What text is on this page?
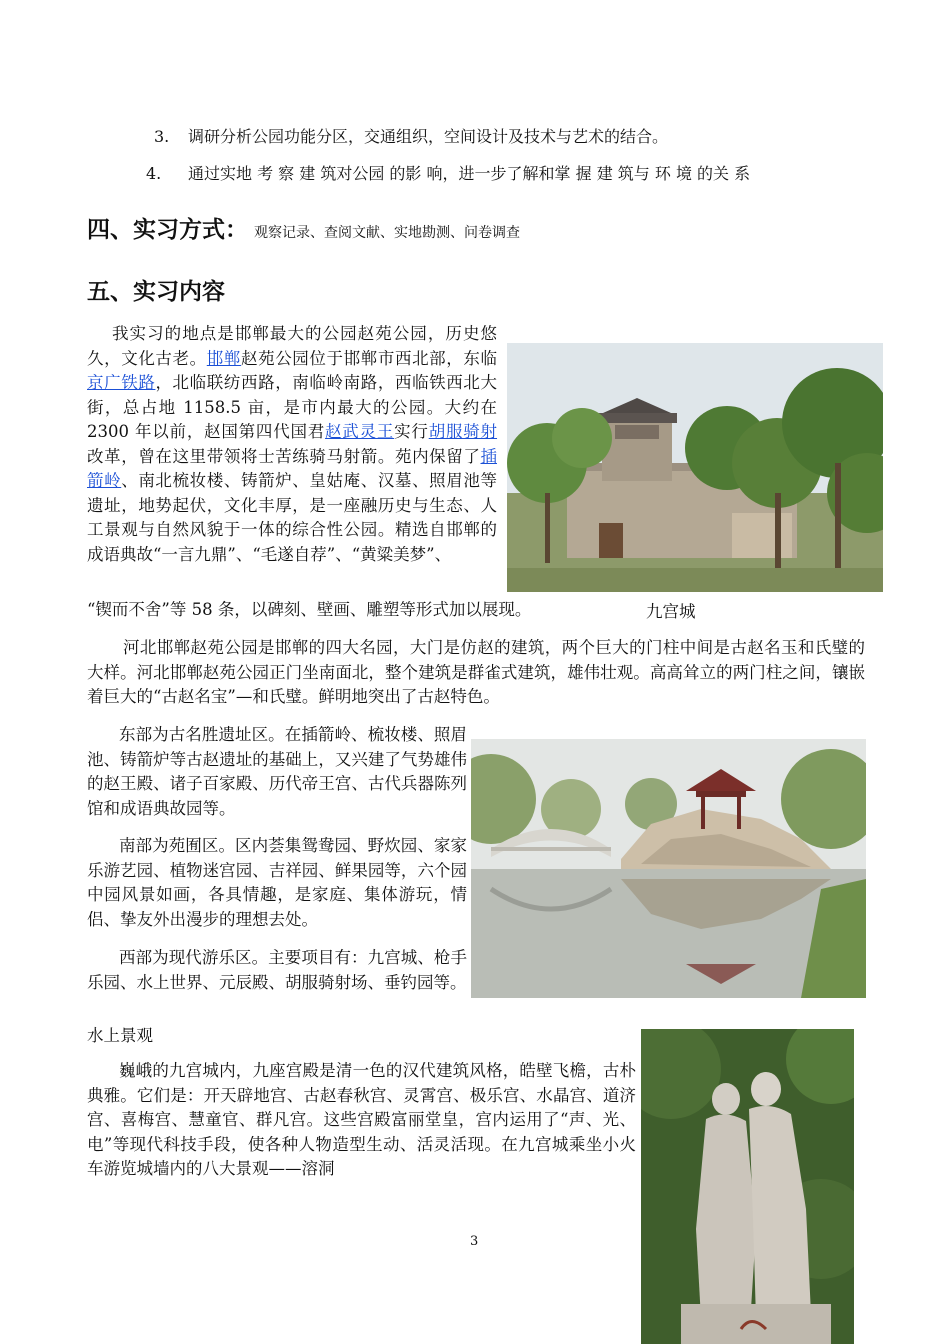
3. 调研分析公园功能分区，交通组织，空间设计及技术与艺术的结合。
4. 通过实地 考 察 建 筑对公园 的影 响，进一步了解和掌 握 建 筑与 环 境 的关 系
四、实习方式： 观察记录、查阅文献、实地勘测、问卷调查
五、实习内容
我实习的地点是邯郸最大的公园赵苑公园，历史悠久，文化古老。邯郸赵苑公园位于邯郸市西北部，东临京广铁路，北临联纺西路，南临岭南路，西临铁西北大街，总占地 1158.5 亩，是市内最大的公园。大约在 2300 年以前，赵国第四代国君赵武灵王实行胡服骑射改革，曾在这里带领将士苦练骑马射箭。苑内保留了插箭岭、南北梳妆楼、铸箭炉、皇姑庵、汉墓、照眉池等遗址，地势起伏，文化丰厚，是一座融历史与生态、人工景观与自然风貌于一体的综合性公园。精选自邯郸的成语典故“一言九鼎”、“毛遂自荐”、“黄粱美梦”、
“锲而不舍”等 58 条，以碑刻、壁画、雕塑等形式加以展现。	九宫城
河北邯郸赵苑公园是邯郸的四大名园，大门是仿赵的建筑，两个巨大的门柱中间是古赵名玉和氏璧的大样。河北邯郸赵苑公园正门坐南面北，整个建筑是群雀式建筑，雄伟壮观。高高耸立的两门柱之间，镶嵌着巨大的“古赵名宝”—和氏璧。鲜明地突出了古赵特色。
东部为古名胜遗址区。在插箭岭、梳妆楼、照眉池、铸箭炉等古赵遗址的基础上，又兴建了气势雄伟的赵王殿、诸子百家殿、历代帝王宫、古代兵器陈列馆和成语典故园等。
南部为苑囿区。区内荟集鸳鸯园、野炊园、家家乐游艺园、植物迷宫园、吉祥园、鲜果园等，六个园中园风景如画，各具情趣，是家庭、集体游玩，情侣、挚友外出漫步的理想去处。
西部为现代游乐区。主要项目有：九宫城、枪手乐园、水上世界、元辰殿、胡服骑射场、垂钓园等。
水上景观
巍峨的九宫城内，九座宫殿是清一色的汉代建筑风格，皓壁飞檐，古朴典雅。它们是：开天辟地宫、古赵春秋宫、灵霄宫、极乐宫、水晶宫、道济宫、喜梅宫、慧童官、群凡宫。这些宫殿富丽堂皇，宫内运用了“声、光、电”等现代科技手段，使各种人物造型生动、活灵活现。在九宫城乘坐小火车游览城墙内的八大景观——溶洞
3
